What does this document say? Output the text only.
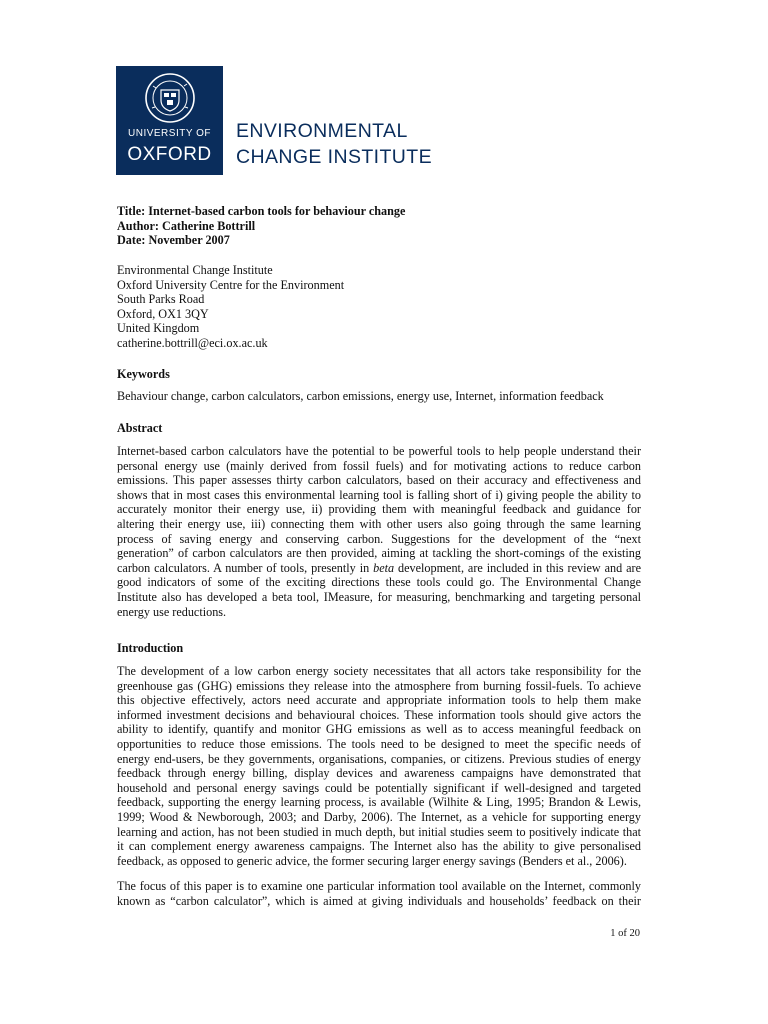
UNIVERSITY OF
OXFORD
ENVIRONMENTAL
CHANGE INSTITUTE
Title: Internet-based carbon tools for behaviour change
Author: Catherine Bottrill
Date: November 2007
Environmental Change Institute
Oxford University Centre for the Environment
South Parks Road
Oxford, OX1 3QY
United Kingdom
catherine.bottrill@eci.ox.ac.uk
Keywords
Behaviour change, carbon calculators, carbon emissions, energy use, Internet, information feedback
Abstract
Internet-based carbon calculators have the potential to be powerful tools to help people understand their
personal energy use (mainly derived from fossil fuels) and for motivating actions to reduce carbon
emissions. This paper assesses thirty carbon calculators, based on their accuracy and effectiveness and
shows that in most cases this environmental learning tool is falling short of i) giving people the ability to
accurately monitor their energy use, ii) providing them with meaningful feedback and guidance for
altering their energy use, iii) connecting them with other users also going through the same learning
process of saving energy and conserving carbon. Suggestions for the development of the “next
generation” of carbon calculators are then provided, aiming at tackling the short-comings of the existing
carbon calculators. A number of tools, presently in beta development, are included in this review and are
good indicators of some of the exciting directions these tools could go. The Environmental Change
Institute also has developed a beta tool, IMeasure, for measuring, benchmarking and targeting personal
energy use reductions.
Introduction
The development of a low carbon energy society necessitates that all actors take responsibility for the
greenhouse gas (GHG) emissions they release into the atmosphere from burning fossil-fuels. To achieve
this objective effectively, actors need accurate and appropriate information tools to help them make
informed investment decisions and behavioural choices. These information tools should give actors the
ability to identify, quantify and monitor GHG emissions as well as to access meaningful feedback on
opportunities to reduce those emissions. The tools need to be designed to meet the specific needs of
energy end-users, be they governments, organisations, companies, or citizens. Previous studies of energy
feedback through energy billing, display devices and awareness campaigns have demonstrated that
household and personal energy savings could be potentially significant if well-designed and targeted
feedback, supporting the energy learning process, is available (Wilhite & Ling, 1995; Brandon & Lewis,
1999; Wood & Newborough, 2003; and Darby, 2006). The Internet, as a vehicle for supporting energy
learning and action, has not been studied in much depth, but initial studies seem to positively indicate that
it can complement energy awareness campaigns. The Internet also has the ability to give personalised
feedback, as opposed to generic advice, the former securing larger energy savings (Benders et al., 2006).
The focus of this paper is to examine one particular information tool available on the Internet, commonly
known as “carbon calculator”, which is aimed at giving individuals and households’ feedback on their
1 of 20
